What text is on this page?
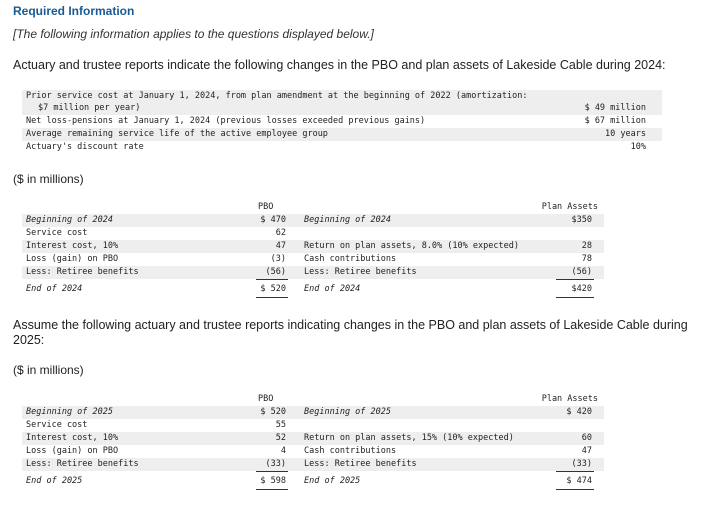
Required Information
[The following information applies to the questions displayed below.]
Actuary and trustee reports indicate the following changes in the PBO and plan assets of Lakeside Cable during 2024:
Prior service cost at January 1, 2024, from plan amendment at the beginning of 2022 (amortization:
$7 million per year)	$ 49 million
Net loss-pensions at January 1, 2024 (previous losses exceeded previous gains)	$ 67 million
Average remaining service life of the active employee group	10 years
Actuary's discount rate	10%
($ in millions)
PBO	Plan Assets
Beginning of 2024	$ 470 Beginning of 2024	$350
Service cost	62
Interest cost, 10%	47 Return on plan assets, 8.0% (10% expected)	28
Loss (gain) on PBO	(3) Cash contributions	78
Less: Retiree benefits	(56) Less: Retiree benefits	(56)
End of 2024	$ 520 End of 2024	$420
Assume the following actuary and trustee reports indicating changes in the PBO and plan assets of Lakeside Cable during 2025:
($ in millions)
PBO	Plan Assets
Beginning of 2025	$ 520 Beginning of 2025	$ 420
Service cost	55
Interest cost, 10%	52 Return on plan assets, 15% (10% expected)	60
Loss (gain) on PBO	4 Cash contributions	47
Less: Retiree benefits	(33) Less: Retiree benefits	(33)
End of 2025	$ 598 End of 2025	$ 474
